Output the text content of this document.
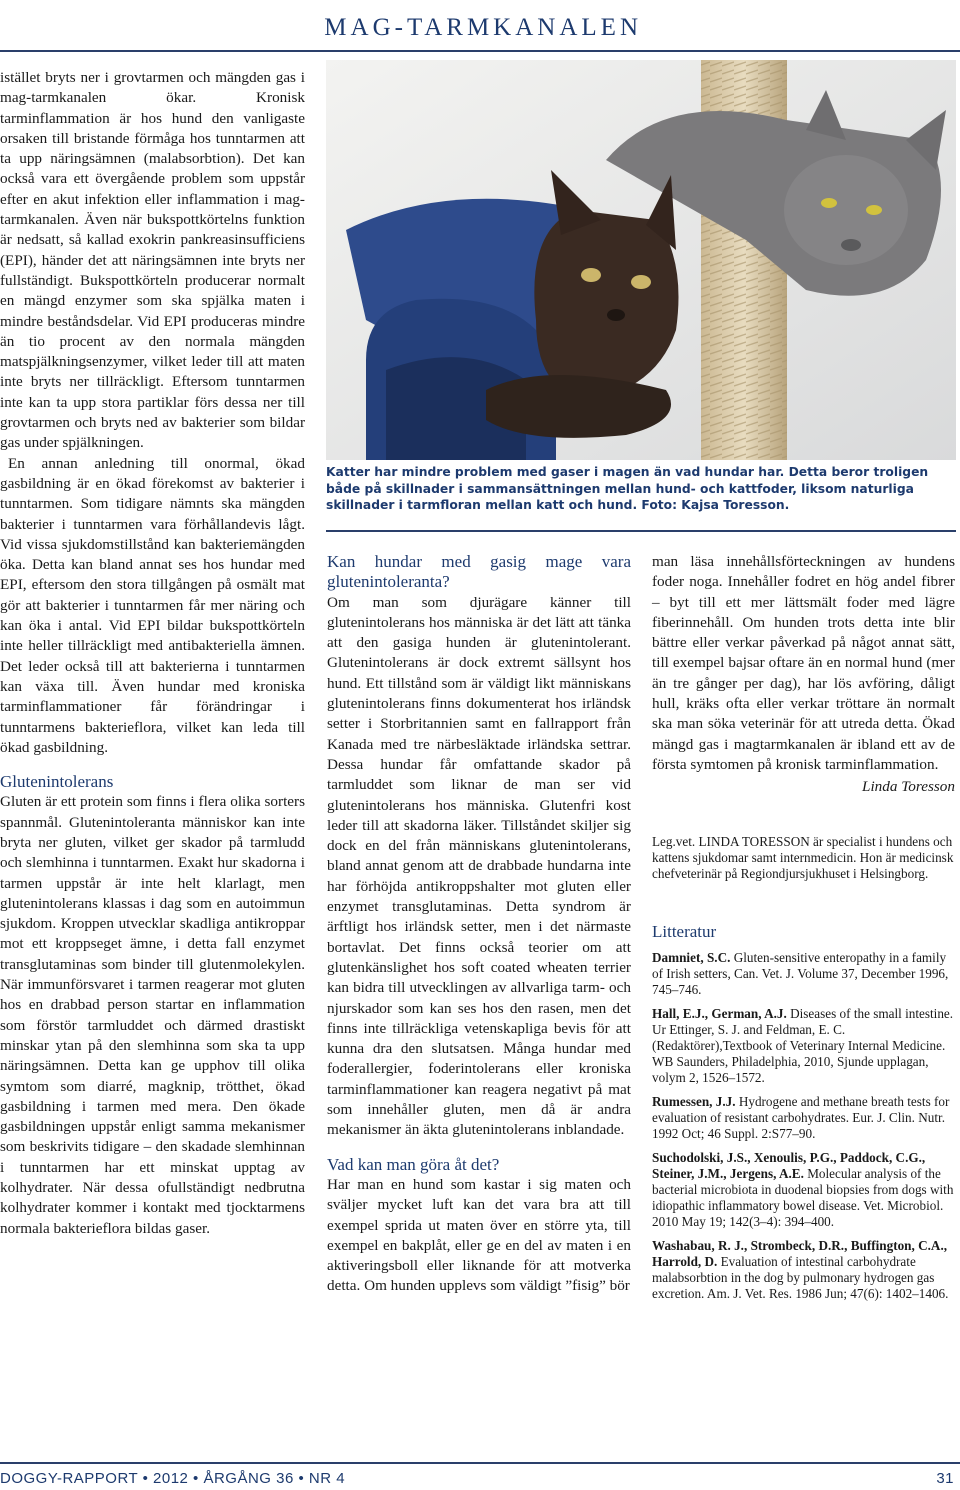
MAG-TARMKANALEN

istället bryts ner i grovtarmen och mängden gas i mag-tarmkanalen ökar. Kronisk tarminflammation är hos hund den vanligaste orsaken till bristande förmåga hos tunntarmen att ta upp näringsämnen (malabsorbtion). Det kan också vara ett övergående problem som uppstår efter en akut infektion eller inflammation i mag-tarmkanalen. Även när bukspottkörtelns funktion är nedsatt, så kallad exokrin pankreasinsufficiens (EPI), händer det att näringsämnen inte bryts ner fullständigt. Bukspottkörteln producerar normalt en mängd enzymer som ska spjälka maten i mindre beståndsdelar. Vid EPI produceras mindre än tio procent av den normala mängden matspjälkningsenzymer, vilket leder till att maten inte bryts ner tillräckligt. Eftersom tunntarmen inte kan ta upp stora partiklar förs dessa ner till grovtarmen och bryts ned av bakterier som bildar gas under spjälkningen.

En annan anledning till onormal, ökad gasbildning är en ökad förekomst av bakterier i tunntarmen. Som tidigare nämnts ska mängden bakterier i tunntarmen vara förhållandevis lågt. Vid vissa sjukdomstillstånd kan bakteriemängden öka. Detta kan bland annat ses hos hundar med EPI, eftersom den stora tillgången på osmält mat gör att bakterier i tunntarmen får mer näring och kan öka i antal. Vid EPI bildar bukspottkörteln inte heller tillräckligt med antibakteriella ämnen. Det leder också till att bakterierna i tunntarmen kan växa till. Även hundar med kroniska tarminflammationer får förändringar i tunntarmens bakterieflora, vilket kan leda till ökad gasbildning.

Glutenintolerans

Gluten är ett protein som finns i flera olika sorters spannmål. Glutenintoleranta människor kan inte bryta ner gluten, vilket ger skador på tarmludd och slemhinna i tunntarmen. Exakt hur skadorna i tarmen uppstår är inte helt klarlagt, men glutenintolerans klassas i dag som en autoimmun sjukdom. Kroppen utvecklar skadliga antikroppar mot ett kroppseget ämne, i detta fall enzymet transglutaminas som binder till glutenmolekylen. När immunförsvaret i tarmen reagerar mot gluten hos en drabbad person startar en inflammation som förstör tarmluddet och därmed drastiskt minskar ytan på den slemhinna som ska ta upp näringsämnen. Detta kan ge upphov till olika symtom som diarré, magknip, trötthet, ökad gasbildning i tarmen med mera. Den ökade gasbildningen uppstår enligt samma mekanismer som beskrivits tidigare – den skadade slemhinnan i tunntarmen har ett minskat upptag av kolhydrater. När dessa ofullständigt nedbrutna kolhydrater kommer i kontakt med tjocktarmens normala bakterieflora bildas gaser.

Katter har mindre problem med gaser i magen än vad hundar har. Detta beror troligen både på skillnader i sammansättningen mellan hund- och kattfoder, liksom naturliga skillnader i tarmfloran mellan katt och hund. Foto: Kajsa Toresson.
Kan hundar med gasig mage vara glutenintoleranta?

Om man som djurägare känner till glutenintolerans hos människa är det lätt att tänka att den gasiga hunden är glutenintolerant. Glutenintolerans är dock extremt sällsynt hos hund. Ett tillstånd som är väldigt likt människans glutenintolerans finns dokumenterat hos irländsk setter i Storbritannien samt en fallrapport från Kanada med tre närbesläktade irländska settrar. Dessa hundar får omfattande skador på tarmluddet som liknar de man ser vid glutenintolerans hos människa. Glutenfri kost leder till att skadorna läker. Tillståndet skiljer sig dock en del från människans glutenintolerans, bland annat genom att de drabbade hundarna inte har förhöjda antikroppshalter mot gluten eller enzymet transglutaminas. Detta syndrom är ärftligt hos irländsk setter, men i det närmaste bortavlat. Det finns också teorier om att glutenkänslighet hos soft coated wheaten terrier kan bidra till utvecklingen av allvarliga tarm- och njurskador som kan ses hos den rasen, men det finns inte tillräckliga vetenskapliga bevis för att kunna dra den slutsatsen. Många hundar med foderallergier, foderintolerans eller kroniska tarminflammationer kan reagera negativt på mat som innehåller gluten, men då är andra mekanismer än äkta glutenintolerans inblandade.

Vad kan man göra åt det?

Har man en hund som kastar i sig maten och sväljer mycket luft kan det vara bra att till exempel sprida ut maten över en större yta, till exempel en bakplåt, eller ge en del av maten i en aktiveringsboll eller liknande för att motverka detta. Om hunden upplevs som väldigt ”fisig” bör

man läsa innehållsförteckningen av hundens foder noga. Innehåller fodret en hög andel fibrer – byt till ett mer lättsmält foder med lägre fiberinnehåll. Om hunden trots detta inte blir bättre eller verkar påverkad på något annat sätt, till exempel bajsar oftare än en normal hund (mer än tre gånger per dag), har lös avföring, dåligt hull, kräks ofta eller verkar tröttare än normalt ska man söka veterinär för att utreda detta. Ökad mängd gas i magtarmkanalen är ibland ett av de första symtomen på kronisk tarminflammation.

Linda Toresson
Leg.vet. LINDA TORESSON är specialist i hundens och kattens sjukdomar samt internmedicin. Hon är medicinsk chefveterinär på Regiondjursjukhuset i Helsingborg.
Litteratur
Damniet, S.C. Gluten-sensitive enteropathy in a family of Irish setters, Can. Vet. J. Volume 37, December 1996, 745–746.
Hall, E.J., German, A.J. Diseases of the small intestine. Ur Ettinger, S. J. and Feldman, E. C. (Redaktörer),Textbook of Veterinary Internal Medicine. WB Saunders, Philadelphia, 2010, Sjunde upplagan, volym 2, 1526–1572.
Rumessen, J.J. Hydrogene and methane breath tests for evaluation of resistant carbohydrates. Eur. J. Clin. Nutr. 1992 Oct; 46 Suppl. 2:S77–90.
Suchodolski, J.S., Xenoulis, P.G., Paddock, C.G., Steiner, J.M., Jergens, A.E. Molecular analysis of the bacterial microbiota in duodenal biopsies from dogs with idiopathic inflammatory bowel disease. Vet. Microbiol. 2010 May 19; 142(3–4): 394–400.
Washabau, R. J., Strombeck, D.R., Buffington, C.A., Harrold, D. Evaluation of intestinal carbohydrate malabsorbtion in the dog by pulmonary hydrogen gas excretion. Am. J. Vet. Res. 1986 Jun; 47(6): 1402–1406.
DOGGY-RAPPORT • 2012 • ÅRGÅNG 36 • NR 4	31
